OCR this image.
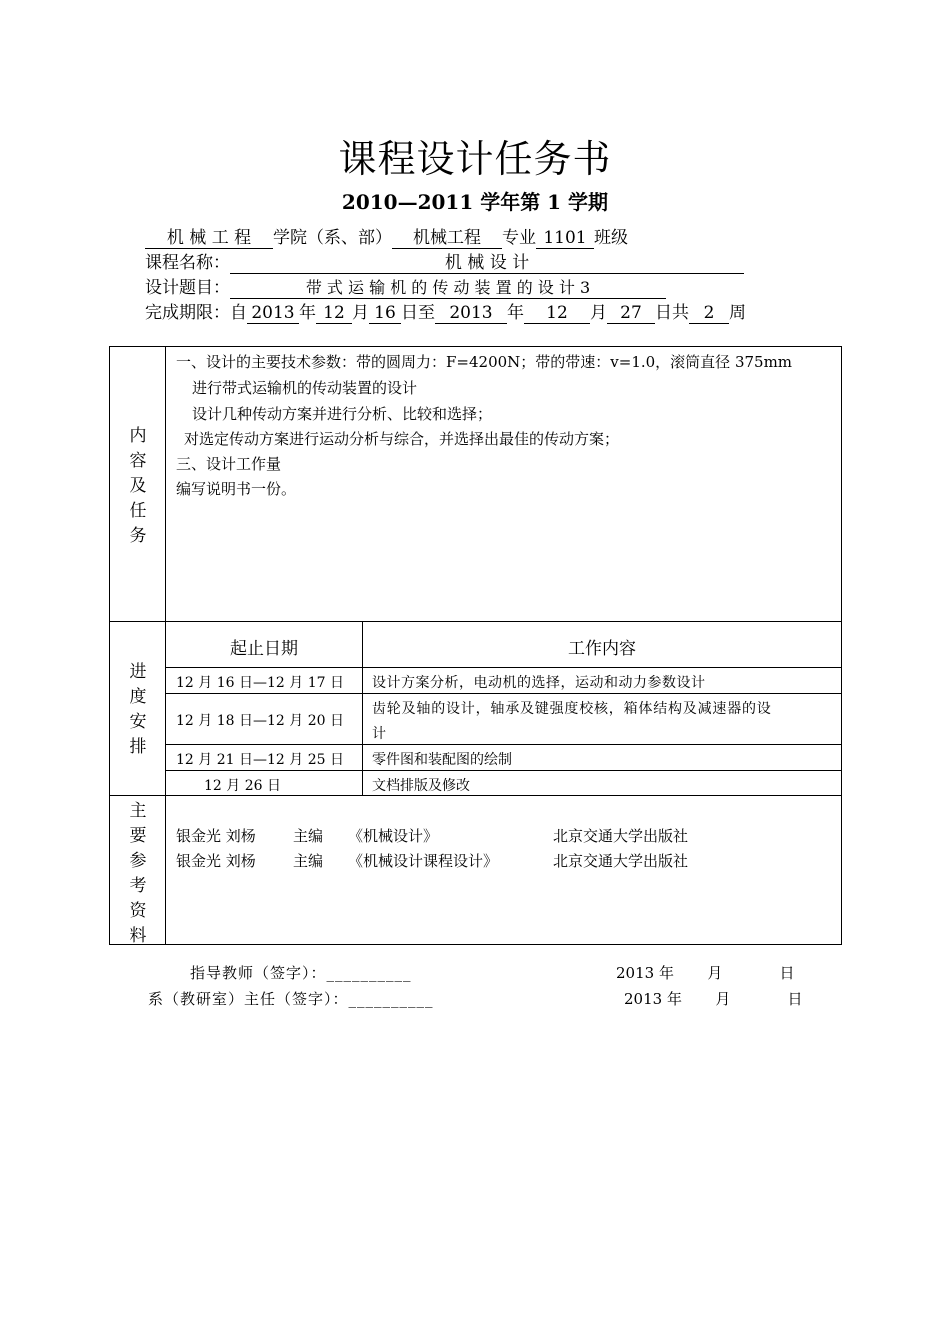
课程设计任务书
2010—2011 学年第 1 学期
机 械 工 程 学院（系、部） 机械工程 专业 1101 班级
课程名称：	机 械 设 计
设计题目：	带 式 运 输 机 的 传 动 装 置 的 设 计 3
完成期限：自 2013 年 12 月 16 日至 2013 年 12 月 27 日共 2 周
内
容
及
任
务
一、设计的主要技术参数：带的圆周力：F=4200N；带的带速：v=1.0，滚筒直径 375mm
进行带式运输机的传动装置的设计
设计几种传动方案并进行分析、比较和选择；
对选定传动方案进行运动分析与综合，并选择出最佳的传动方案；
三、设计工作量
编写说明书一份。
进
度
安
排
起止日期	工作内容
12 月 16 日—12 月 17 日 设计方案分析，电动机的选择，运动和动力参数设计
12 月 18 日—12 月 20 日
齿轮及轴的设计，轴承及键强度校核，箱体结构及减速器的设
计
12 月 21 日—12 月 25 日 零件图和装配图的绘制
12 月 26 日	文档排版及修改
主
要
参
考
资
料
银金光 刘杨 主编 《机械设计》	北京交通大学出版社
银金光 刘杨 主编 《机械设计课程设计》	北京交通大学出版社
指导教师（签字）：__________	2013 年       月            日
系（教研室）主任（签字）：__________	2013 年       月            日
